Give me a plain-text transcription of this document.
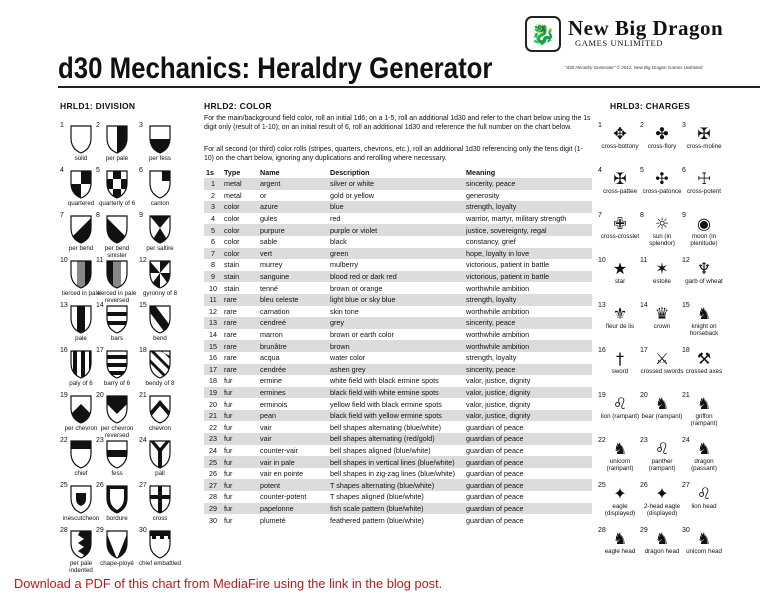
🐉 New Big Dragon
GAMES UNLIMITED
"d30 Heraldry Generator" © 2012, New Big Dragon Games Unlimited
d30 Mechanics: Heraldry Generator
HRLD1: DIVISION	HRLD2: COLOR	HRLD3: CHARGES
1
solid
2
per pale
3
per fess
4
quartered
5
quarterly of 6
6
canton
7
per bend
8
per bend sinister
9
per saltire
10
tierced in pale
11
tierced in pale reversed
12
gyronny of 8
13
pale
14
bars
15
bend
16
paly of 6
17
barry of 6
18
bendy of 8
19
per chevron
20
per chevron reversed
21
chevron
22
chief
23
fess
24
pall
25
inescutcheon
26
bordure
27
cross
28
per pale indented
29
chape-ployé
30
chief embattled
For the main/background field color, roll an initial 1d6; on a 1-5, roll an additional 1d30 and refer to the chart below using the 1s digit only (result of 1-10); on an initial result of 6, roll an additional 1d30 and reference the full number on the chart below.
For all second (or third) color rolls (stripes, quarters, chevrons, etc.), roll an additional 1d30 referencing only the tens digit (1-10) on the chart below, ignoring any duplications and rerolling where necessary.
1s	Type	Name	Description	Meaning
1	metal	argent	silver or white	sincerity, peace
2	metal	or	gold or yellow	generosity
3	color	azure	blue	strength, loyalty
4	color	gules	red	warrior, martyr, military strength
5	color	purpure	purple or violet	justice, sovereignty, regal
6	color	sable	black	constancy, grief
7	color	vert	green	hope, loyalty in love
8	stain	murrey	mulberry	victorious, patient in battle
9	stain	sanguine	blood red or dark red	victorious, patient in battle
10	stain	tenné	brown or orange	worthwhile ambition
11	rare	bleu celeste	light blue or sky blue	strength, loyalty
12	rare	carnation	skin tone	worthwhile ambition
13	rare	cendreé	grey	sincerity, peace
14	rare	marron	brown or earth color	worthwhile ambition
15	rare	brunâtre	brown	worthwhile ambition
16	rare	acqua	water color	strength, loyalty
17	rare	cendrée	ashen grey	sincerity, peace
18	fur	ermine	white field with black ermine spots	valor, justice, dignity
19	fur	ermines	black field with white ermine spots	valor, justice, dignity
20	fur	erminois	yellow field with black ermine spots	valor, justice, dignity
21	fur	pean	black field with yellow ermine spots	valor, justice, dignity
22	fur	vair	bell shapes alternating (blue/white)	guardian of peace
23	fur	vair	bell shapes alternating (red/gold)	guardian of peace
24	fur	counter-vair	bell shapes aligned (blue/white)	guardian of peace
25	fur	vair in pale	bell shapes in vertical lines (blue/white)	guardian of peace
26	fur	vair en pointe	bell shapes in zig-zag lines (blue/white)	guardian of peace
27	fur	potent	T shapes alternating (blue/white)	guardian of peace
28	fur	counter-potent	T shapes aligned (blue/white)	guardian of peace
29	fur	papelonne	fish scale pattern (blue/white)	guardian of peace
30	fur	plumeté	feathered pattern (blue/white)	guardian of peace
1 ✥
cross-bottony
2 ✤
cross-flory
3 ✠
cross-moline
4 ✠
cross-pattee
5 ✣
cross-patonce
6 ☩
cross-potent
7 ✙
cross-crosslet
8 ☼
sun (in splendor)
9 ◉
moon (in plenitude)
10 ★
star
11 ✶
estoile
12 ♆
garb of wheat
13 ⚜
fleur de lis
14 ♛
crown
15 ♞
knight on horseback
16 †
sword
17 ⚔
crossed swords
18 ⚒
crossed axes
19 ♌
lion (rampant)
20 ♞
bear (rampant)
21 ♞
griffon (rampant)
22 ♞
unicorn (rampant)
23 ♌
panther (rampant)
24 ♞
dragon (passant)
25 ✦
eagle (displayed)
26 ✦
2-head eagle (displayed)
27 ♌
lion head
28 ♞
eagle head
29 ♞
dragon head
30 ♞
unicorn head
Download a PDF of this chart from MediaFire using the link in the blog post.
